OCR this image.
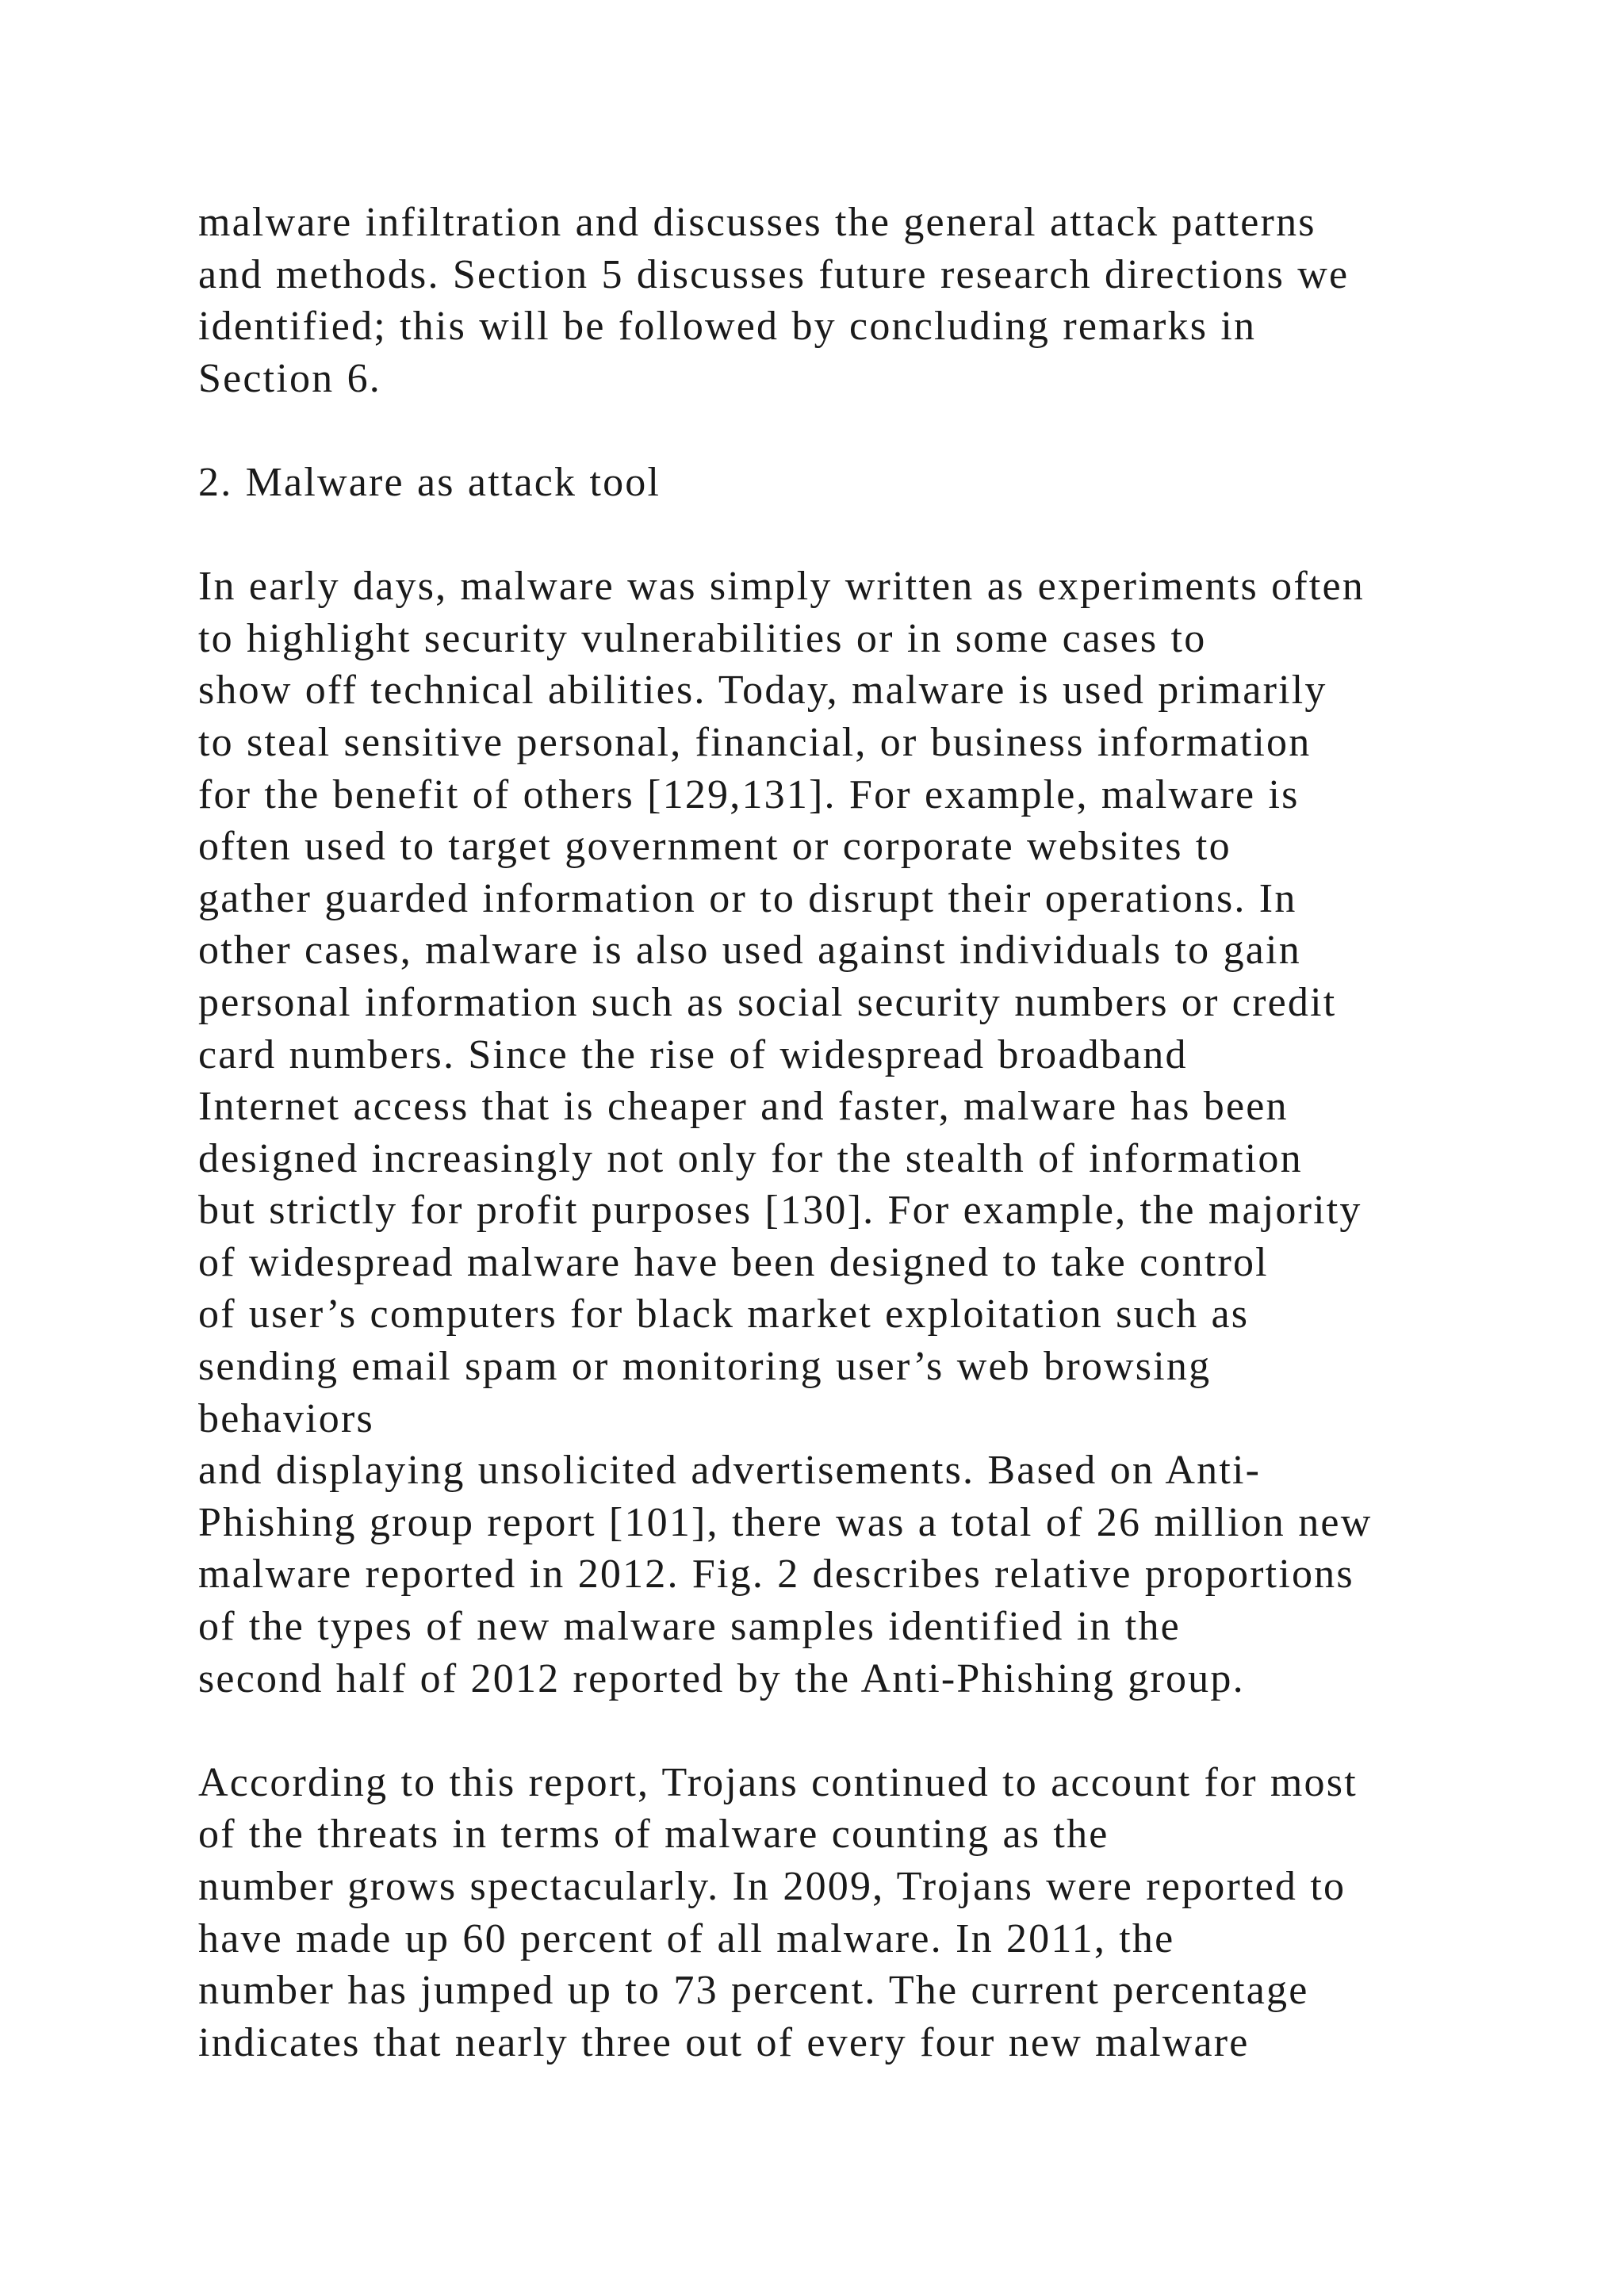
malware infiltration and discusses the general attack patterns
and methods. Section 5 discusses future research directions we
identified; this will be followed by concluding remarks in
Section 6.
2. Malware as attack tool
In early days, malware was simply written as experiments often
to highlight security vulnerabilities or in some cases to
show off technical abilities. Today, malware is used primarily
to steal sensitive personal, financial, or business information
for the benefit of others [129,131]. For example, malware is
often used to target government or corporate websites to
gather guarded information or to disrupt their operations. In
other cases, malware is also used against individuals to gain
personal information such as social security numbers or credit
card numbers. Since the rise of widespread broadband
Internet access that is cheaper and faster, malware has been
designed increasingly not only for the stealth of information
but strictly for profit purposes [130]. For example, the majority
of widespread malware have been designed to take control
of user’s computers for black market exploitation such as
sending email spam or monitoring user’s web browsing
behaviors
and displaying unsolicited advertisements. Based on Anti-
Phishing group report [101], there was a total of 26 million new
malware reported in 2012. Fig. 2 describes relative proportions
of the types of new malware samples identified in the
second half of 2012 reported by the Anti-Phishing group.
According to this report, Trojans continued to account for most
of the threats in terms of malware counting as the
number grows spectacularly. In 2009, Trojans were reported to
have made up 60 percent of all malware. In 2011, the
number has jumped up to 73 percent. The current percentage
indicates that nearly three out of every four new malware
